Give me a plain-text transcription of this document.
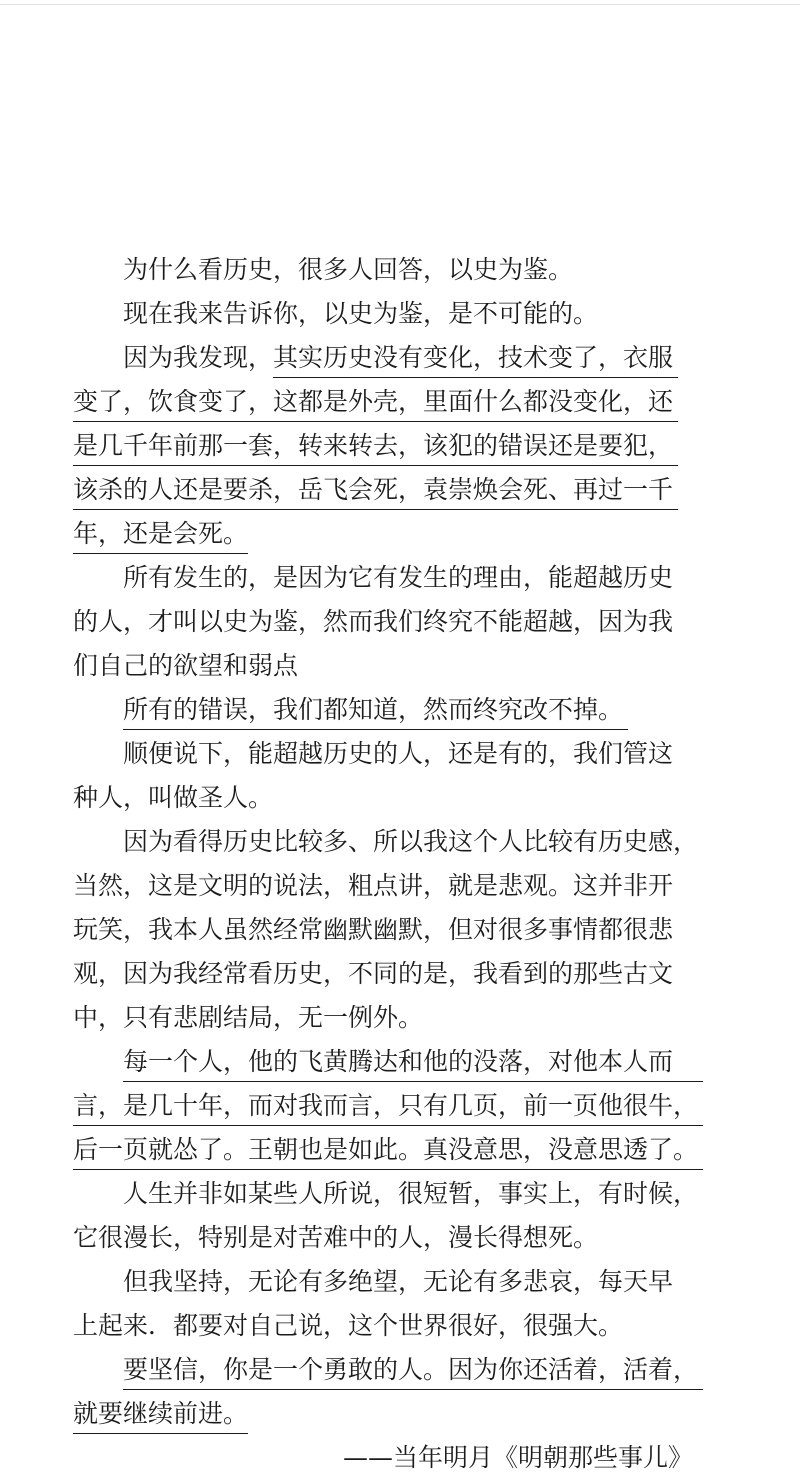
为什么看历史，很多人回答，以史为鉴。
现在我来告诉你，以史为鉴，是不可能的。
因为我发现，其实历史没有变化，技术变了，衣服
变了，饮食变了，这都是外壳，里面什么都没变化，还
是几千年前那一套，转来转去，该犯的错误还是要犯，
该杀的人还是要杀，岳飞会死，袁崇焕会死、再过一千
年，还是会死。
所有发生的，是因为它有发生的理由，能超越历史
的人，才叫以史为鉴，然而我们终究不能超越，因为我
们自己的欲望和弱点
所有的错误，我们都知道，然而终究改不掉。
顺便说下，能超越历史的人，还是有的，我们管这
种人，叫做圣人。
因为看得历史比较多、所以我这个人比较有历史感，
当然，这是文明的说法，粗点讲，就是悲观。这并非开
玩笑，我本人虽然经常幽默幽默，但对很多事情都很悲
观，因为我经常看历史，不同的是，我看到的那些古文
中，只有悲剧结局，无一例外。
每一个人，他的飞黄腾达和他的没落，对他本人而
言，是几十年，而对我而言，只有几页，前一页他很牛，
后一页就怂了。王朝也是如此。真没意思，没意思透了。
人生并非如某些人所说，很短暂，事实上，有时候，
它很漫长，特别是对苦难中的人，漫长得想死。
但我坚持，无论有多绝望，无论有多悲哀，每天早
上起来．都要对自己说，这个世界很好，很强大。
要坚信，你是一个勇敢的人。因为你还活着，活着，
就要继续前进。
——当年明月《明朝那些事儿》
